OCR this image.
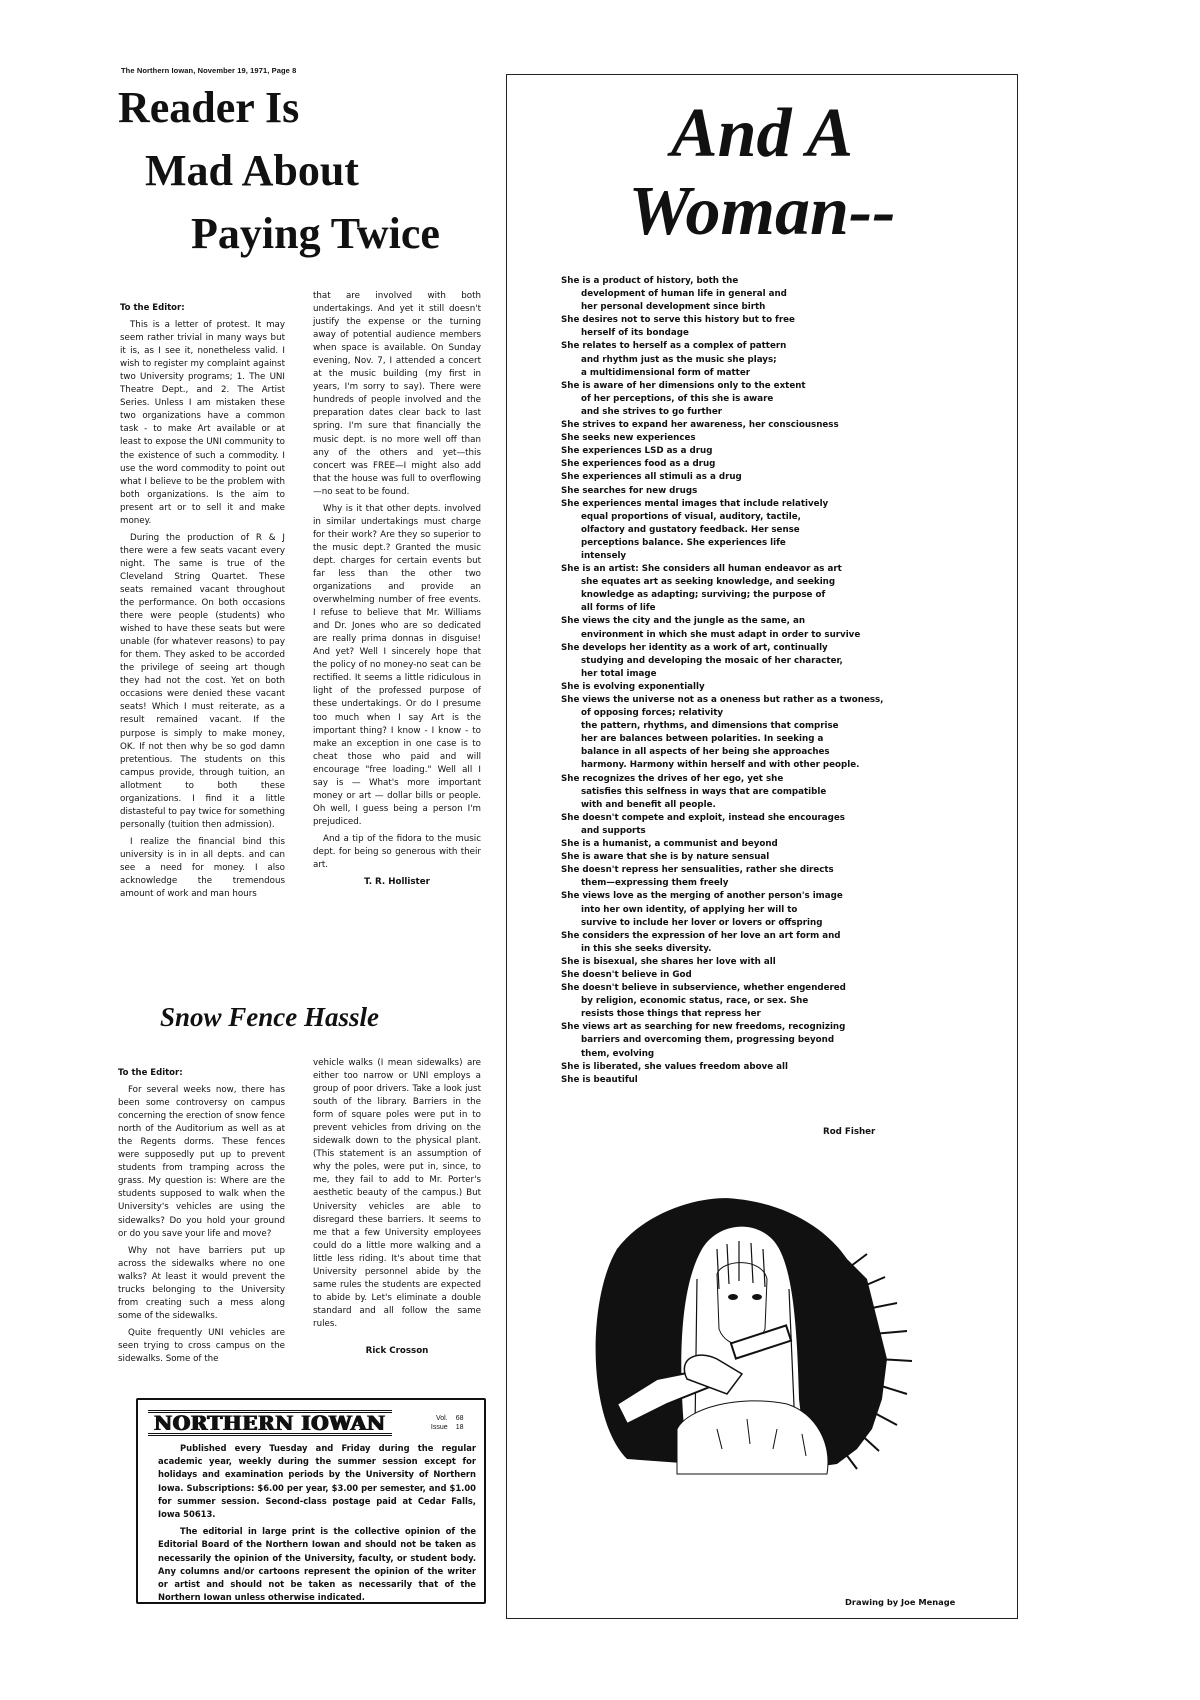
The Northern Iowan, November 19, 1971, Page 8
Reader Is
Mad About
Paying Twice

To the Editor:

This is a letter of protest. It may seem rather trivial in many ways but it is, as I see it, nonetheless valid. I wish to register my complaint against two University programs; 1. The UNI Theatre Dept., and 2. The Artist Series. Unless I am mistaken these two organizations have a common task - to make Art available or at least to expose the UNI community to the existence of such a commodity. I use the word commodity to point out what I believe to be the problem with both organizations. Is the aim to present art or to sell it and make money.

During the production of R & J there were a few seats vacant every night. The same is true of the Cleveland String Quartet. These seats remained vacant throughout the performance. On both occasions there were people (students) who wished to have these seats but were unable (for whatever reasons) to pay for them. They asked to be accorded the privilege of seeing art though they had not the cost. Yet on both occasions were denied these vacant seats! Which I must reiterate, as a result remained vacant. If the purpose is simply to make money, OK. If not then why be so god damn pretentious. The students on this campus provide, through tuition, an allotment to both these organizations. I find it a little distasteful to pay twice for something personally (tuition then admission).

I realize the financial bind this university is in in all depts. and can see a need for money. I also acknowledge the tremendous amount of work and man hours

that are involved with both undertakings. And yet it still doesn't justify the expense or the turning away of potential audience members when space is available. On Sunday evening, Nov. 7, I attended a concert at the music building (my first in years, I'm sorry to say). There were hundreds of people involved and the preparation dates clear back to last spring. I'm sure that financially the music dept. is no more well off than any of the others and yet—this concert was FREE—I might also add that the house was full to overflowing—no seat to be found.

Why is it that other depts. involved in similar undertakings must charge for their work? Are they so superior to the music dept.? Granted the music dept. charges for certain events but far less than the other two organizations and provide an overwhelming number of free events. I refuse to believe that Mr. Williams and Dr. Jones who are so dedicated are really prima donnas in disguise! And yet? Well I sincerely hope that the policy of no money-no seat can be rectified. It seems a little ridiculous in light of the professed purpose of these undertakings. Or do I presume too much when I say Art is the important thing? I know - I know - to make an exception in one case is to cheat those who paid and will encourage "free loading." Well all I say is — What's more important money or art — dollar bills or people. Oh well, I guess being a person I'm prejudiced.

And a tip of the fidora to the music dept. for being so generous with their art.

T. R. Hollister

Snow Fence Hassle

To the Editor:

For several weeks now, there has been some controversy on campus concerning the erection of snow fence north of the Auditorium as well as at the Regents dorms. These fences were supposedly put up to prevent students from tramping across the grass. My question is: Where are the students supposed to walk when the University's vehicles are using the sidewalks? Do you hold your ground or do you save your life and move?

Why not have barriers put up across the sidewalks where no one walks? At least it would prevent the trucks belonging to the University from creating such a mess along some of the sidewalks.

Quite frequently UNI vehicles are seen trying to cross campus on the sidewalks. Some of the

vehicle walks (I mean sidewalks) are either too narrow or UNI employs a group of poor drivers. Take a look just south of the library. Barriers in the form of square poles were put in to prevent vehicles from driving on the sidewalk down to the physical plant. (This statement is an assumption of why the poles, were put in, since, to me, they fail to add to Mr. Porter's aesthetic beauty of the campus.) But University vehicles are able to disregard these barriers. It seems to me that a few University employees could do a little more walking and a little less riding. It's about time that University personnel abide by the same rules the students are expected to abide by. Let's eliminate a double standard and all follow the same rules.

Rick Crosson

NORTHERN IOWAN	Vol. 68
Issue 18

Published every Tuesday and Friday during the regular academic year, weekly during the summer session except for holidays and examination periods by the University of Northern Iowa. Subscriptions: $6.00 per year, $3.00 per semester, and $1.00 for summer session. Second-class postage paid at Cedar Falls, Iowa 50613.

The editorial in large print is the collective opinion of the Editorial Board of the Northern Iowan and should not be taken as necessarily the opinion of the University, faculty, or student body. Any columns and/or cartoons represent the opinion of the writer or artist and should not be taken as necessarily that of the Northern Iowan unless otherwise indicated.

And A
Woman--
She is a product of history, both the
development of human life in general and
her personal development since birth
She desires not to serve this history but to free
herself of its bondage
She relates to herself as a complex of pattern
and rhythm just as the music she plays;
a multidimensional form of matter
She is aware of her dimensions only to the extent
of her perceptions, of this she is aware
and she strives to go further
She strives to expand her awareness, her consciousness
She seeks new experiences
She experiences LSD as a drug
She experiences food as a drug
She experiences all stimuli as a drug
She searches for new drugs
She experiences mental images that include relatively
equal proportions of visual, auditory, tactile,
olfactory and gustatory feedback. Her sense
perceptions balance. She experiences life
intensely
She is an artist: She considers all human endeavor as art
she equates art as seeking knowledge, and seeking
knowledge as adapting; surviving; the purpose of
all forms of life
She views the city and the jungle as the same, an
environment in which she must adapt in order to survive
She develops her identity as a work of art, continually
studying and developing the mosaic of her character,
her total image
She is evolving exponentially
She views the universe not as a oneness but rather as a twoness,
of opposing forces; relativity
the pattern, rhythms, and dimensions that comprise
her are balances between polarities. In seeking a
balance in all aspects of her being she approaches
harmony. Harmony within herself and with other people.
She recognizes the drives of her ego, yet she
satisfies this selfness in ways that are compatible
with and benefit all people.
She doesn't compete and exploit, instead she encourages
and supports
She is a humanist, a communist and beyond
She is aware that she is by nature sensual
She doesn't repress her sensualities, rather she directs
them—expressing them freely
She views love as the merging of another person's image
into her own identity, of applying her will to
survive to include her lover or lovers or offspring
She considers the expression of her love an art form and
in this she seeks diversity.
She is bisexual, she shares her love with all
She doesn't believe in God
She doesn't believe in subservience, whether engendered
by religion, economic status, race, or sex. She
resists those things that repress her
She views art as searching for new freedoms, recognizing
barriers and overcoming them, progressing beyond
them, evolving
She is liberated, she values freedom above all
She is beautiful
Rod Fisher
Drawing by Joe Menage
